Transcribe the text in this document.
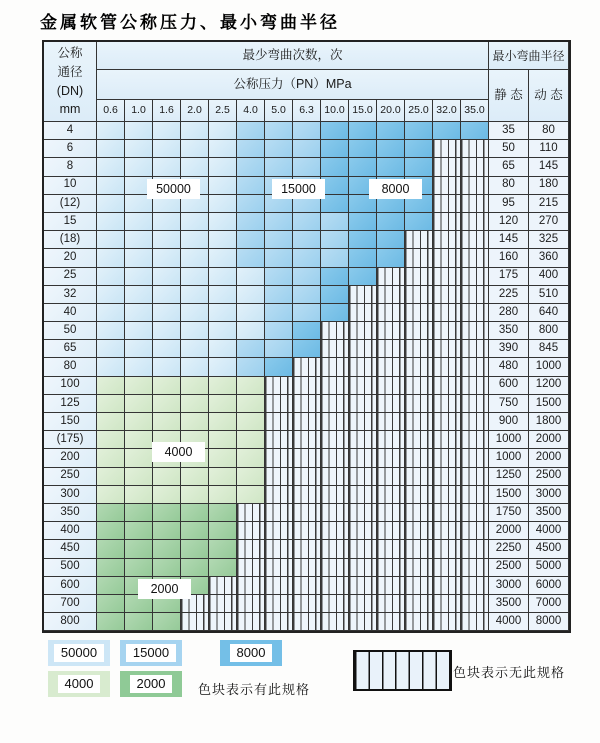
金属软管公称压力、最小弯曲半径
公称
通径
(DN)
mm
最少弯曲次数，次	最小弯曲半径
公称压力（PN）MPa
静 态 动 态
0.6	1.0	1.6	2.0	2.5	4.0	5.0	6.3 10.0 15.0 20.0 25.0 32.0 35.0
4	35	80
6	50	110
8	65	145
10	80	180
(12)	95	215
15	120	270
(18)	145	325
20	160	360
25	175	400
32	225	510
40	280	640
50	350	800
65	390	845
80	480	1000
100	600	1200
125	750	1500
150	900	1800
(175)	1000	2000
200	1000	2000
250	1250	2500
300	1500	3000
350	1750	3500
400	2000	4000
450	2250	4500
500	2500	5000
600	3000	6000
700	3500	7000
800	4000	8000
50000	15000	8000
4000
2000
色块表示有此规格
色块表示无此规格
50000	15000	8000
4000	2000
